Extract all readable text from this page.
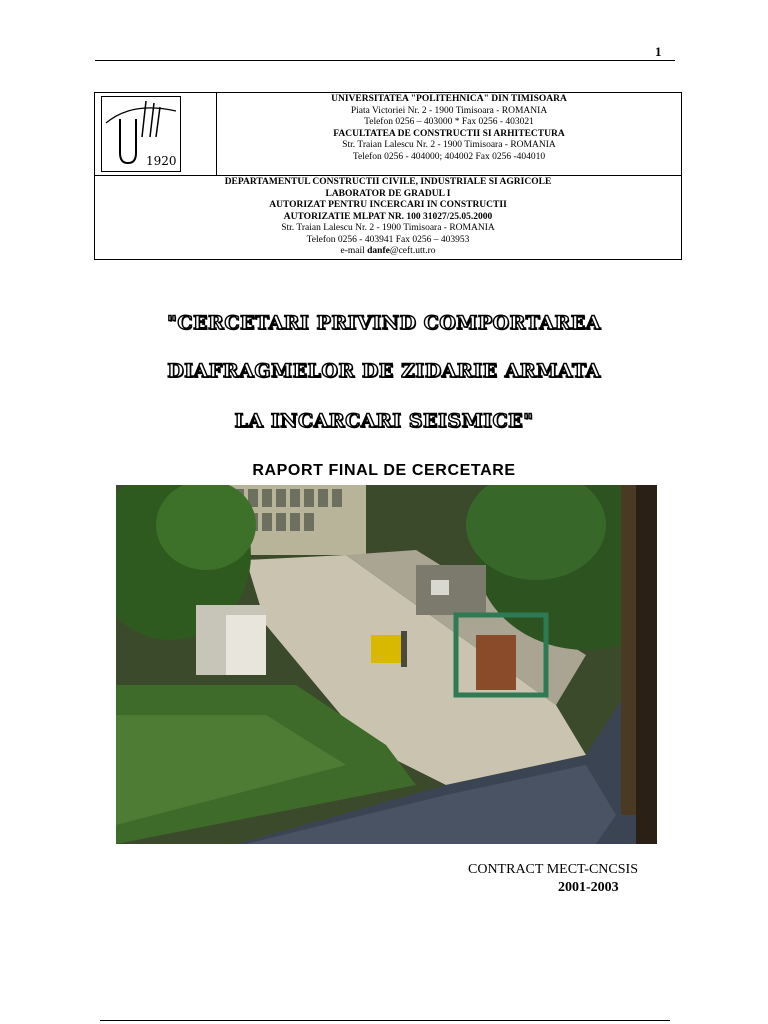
1
1920
UNIVERSITATEA "POLITEHNICA" DIN TIMISOARA
Piata Victoriei Nr. 2 - 1900 Timisoara - ROMANIA
Telefon 0256 – 403000 * Fax 0256 - 403021
FACULTATEA DE CONSTRUCTII SI ARHITECTURA
Str. Traian Lalescu Nr. 2 - 1900 Timisoara - ROMANIA
Telefon 0256 - 404000; 404002 Fax 0256 -404010
DEPARTAMENTUL CONSTRUCTII CIVILE, INDUSTRIALE SI AGRICOLE
LABORATOR DE GRADUL I
AUTORIZAT PENTRU INCERCARI IN CONSTRUCTII
AUTORIZATIE MLPAT NR. 100 31027/25.05.2000
Str. Traian Lalescu Nr. 2 - 1900 Timisoara - ROMANIA
Telefon 0256 - 403941 Fax 0256 – 403953
e-mail danfe@ceft.utt.ro
"CERCETARI PRIVIND COMPORTAREA
DIAFRAGMELOR DE ZIDARIE ARMATA
LA INCARCARI SEISMICE"
RAPORT FINAL DE CERCETARE
CONTRACT MECT-CNCSIS
2001-2003
